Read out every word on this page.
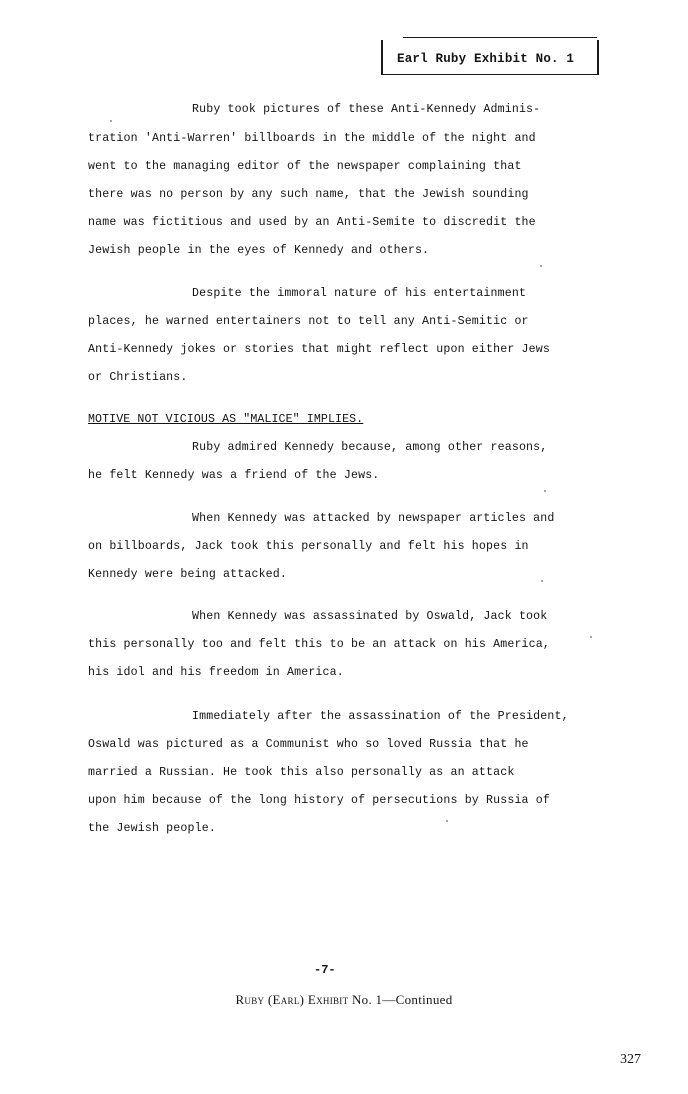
Earl Ruby Exhibit No. 1
Ruby took pictures of these Anti-Kennedy Adminis-
tration 'Anti-Warren' billboards in the middle of the night and
went to the managing editor of the newspaper complaining that
there was no person by any such name, that the Jewish sounding
name was fictitious and used by an Anti-Semite to discredit the
Jewish people in the eyes of Kennedy and others.
Despite the immoral nature of his entertainment
places, he warned entertainers not to tell any Anti-Semitic or
Anti-Kennedy jokes or stories that might reflect upon either Jews
or Christians.
MOTIVE NOT VICIOUS AS "MALICE" IMPLIES.
Ruby admired Kennedy because, among other reasons,
he felt Kennedy was a friend of the Jews.
When Kennedy was attacked by newspaper articles and
on billboards, Jack took this personally and felt his hopes in
Kennedy were being attacked.
When Kennedy was assassinated by Oswald, Jack took
this personally too and felt this to be an attack on his America,
his idol and his freedom in America.
Immediately after the assassination of the President,
Oswald was pictured as a Communist who so loved Russia that he
married a Russian. He took this also personally as an attack
upon him because of the long history of persecutions by Russia of
the Jewish people.
-7-
Ruby (Earl) Exhibit No. 1—Continued
327
